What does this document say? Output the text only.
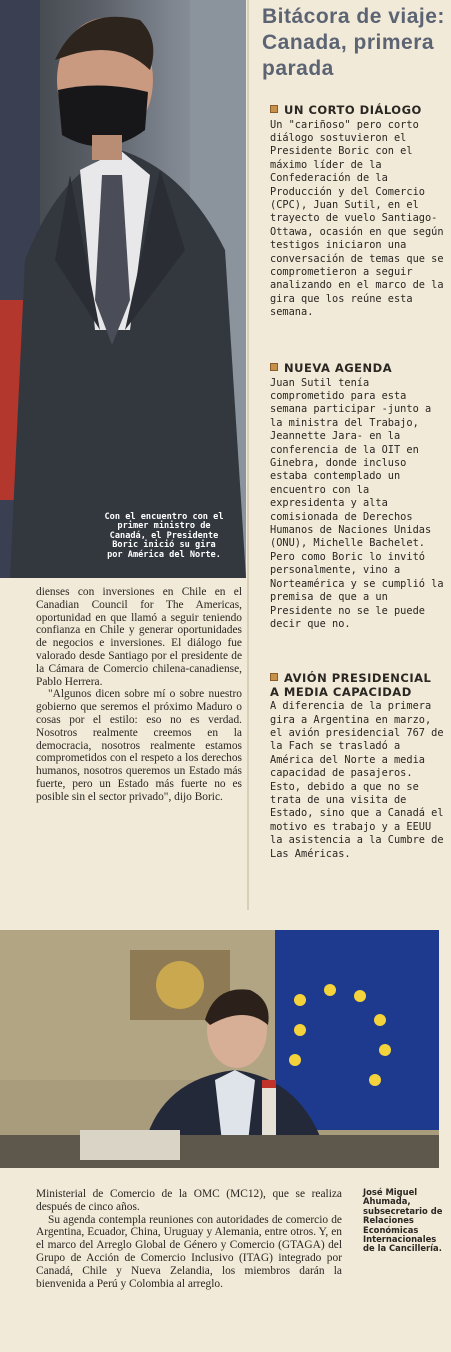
Con el encuentro con el primer ministro de Canadá, el Presidente Boric inició su gira por América del Norte.
Bitácora de viaje: Canada, primera parada
UN CORTO DIÁLOGO
Un "cariñoso" pero corto diálogo sostuvieron el Presidente Boric con el máximo líder de la Confederación de la Producción y del Comercio (CPC), Juan Sutil, en el trayecto de vuelo Santiago-Ottawa, ocasión en que según testigos iniciaron una conversación de temas que se comprometieron a seguir analizando en el marco de la gira que los reúne esta semana.
NUEVA AGENDA
Juan Sutil tenía comprometido para esta semana participar -junto a la ministra del Trabajo, Jeannette Jara- en la conferencia de la OIT en Ginebra, donde incluso estaba contemplado un encuentro con la expresidenta y alta comisionada de Derechos Humanos de Naciones Unidas (ONU), Michelle Bachelet. Pero como Boric lo invitó personalmente, vino a Norteamérica y se cumplió la premisa de que a un Presidente no se le puede decir que no.
AVIÓN PRESIDENCIAL A MEDIA CAPACIDAD
A diferencia de la primera gira a Argentina en marzo, el avión presidencial 767 de la Fach se trasladó a América del Norte a media capacidad de pasajeros. Esto, debido a que no se trata de una visita de Estado, sino que a Canadá el motivo es trabajo y a EEUU la asistencia a la Cumbre de Las Américas.
dienses con inversiones en Chile en el Canadian Council for The Americas, oportunidad en que llamó a seguir teniendo confianza en Chile y generar oportunidades de negocios e inversiones. El diálogo fue valorado desde Santiago por el presidente de la Cámara de Comercio chilena-canadiense, Pablo Herrera.
"Algunos dicen sobre mí o sobre nuestro gobierno que seremos el próximo Maduro o cosas por el estilo: eso no es verdad. Nosotros realmente creemos en la democracia, nosotros realmente estamos comprometidos con el respeto a los derechos humanos, nosotros queremos un Estado más fuerte, pero un Estado más fuerte no es posible sin el sector privado", dijo Boric.
Ministerial de Comercio de la OMC (MC12), que se realiza después de cinco años.
Su agenda contempla reuniones con autoridades de comercio de Argentina, Ecuador, China, Uruguay y Alemania, entre otros. Y, en el marco del Arreglo Global de Género y Comercio (GTAGA) del Grupo de Acción de Comercio Inclusivo (ITAG) integrado por Canadá, Chile y Nueva Zelandia, los miembros darán la bienvenida a Perú y Colombia al arreglo.
José Miguel Ahumada, subsecretario de Relaciones Económicas Internacionales de la Cancillería.
